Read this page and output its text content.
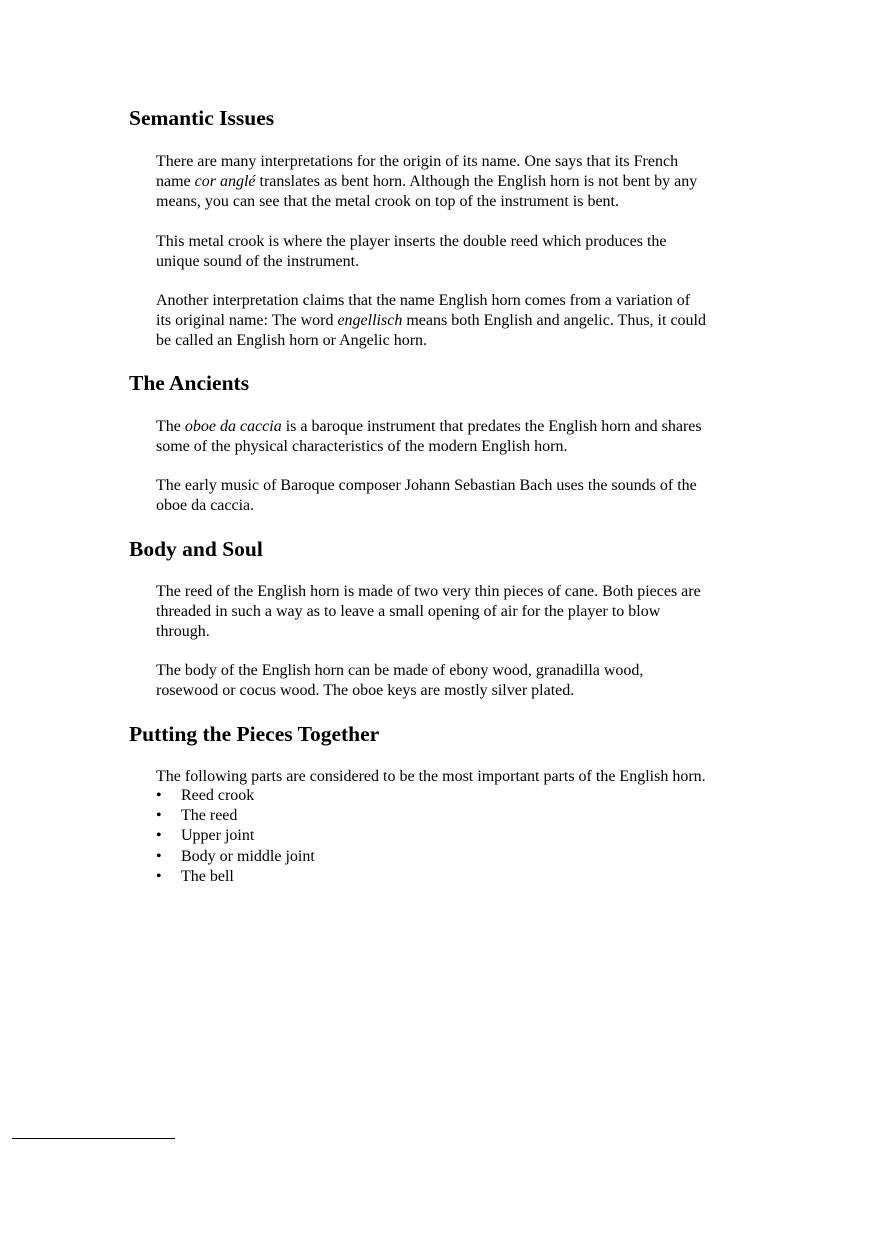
Semantic Issues

There are many interpretations for the origin of its name. One says that its French
name cor anglé translates as bent horn. Although the English horn is not bent by any
means, you can see that the metal crook on top of the instrument is bent.

This metal crook is where the player inserts the double reed which produces the
unique sound of the instrument.

Another interpretation claims that the name English horn comes from a variation of
its original name: The word engellisch means both English and angelic. Thus, it could
be called an English horn or Angelic horn.

The Ancients

The oboe da caccia is a baroque instrument that predates the English horn and shares
some of the physical characteristics of the modern English horn.

The early music of Baroque composer Johann Sebastian Bach uses the sounds of the
oboe da caccia.

Body and Soul

The reed of the English horn is made of two very thin pieces of cane. Both pieces are
threaded in such a way as to leave a small opening of air for the player to blow
through.

The body of the English horn can be made of ebony wood, granadilla wood,
rosewood or cocus wood. The oboe keys are mostly silver plated.

Putting the Pieces Together

The following parts are considered to be the most important parts of the English horn.

• Reed crook
• The reed
• Upper joint
• Body or middle joint
• The bell
